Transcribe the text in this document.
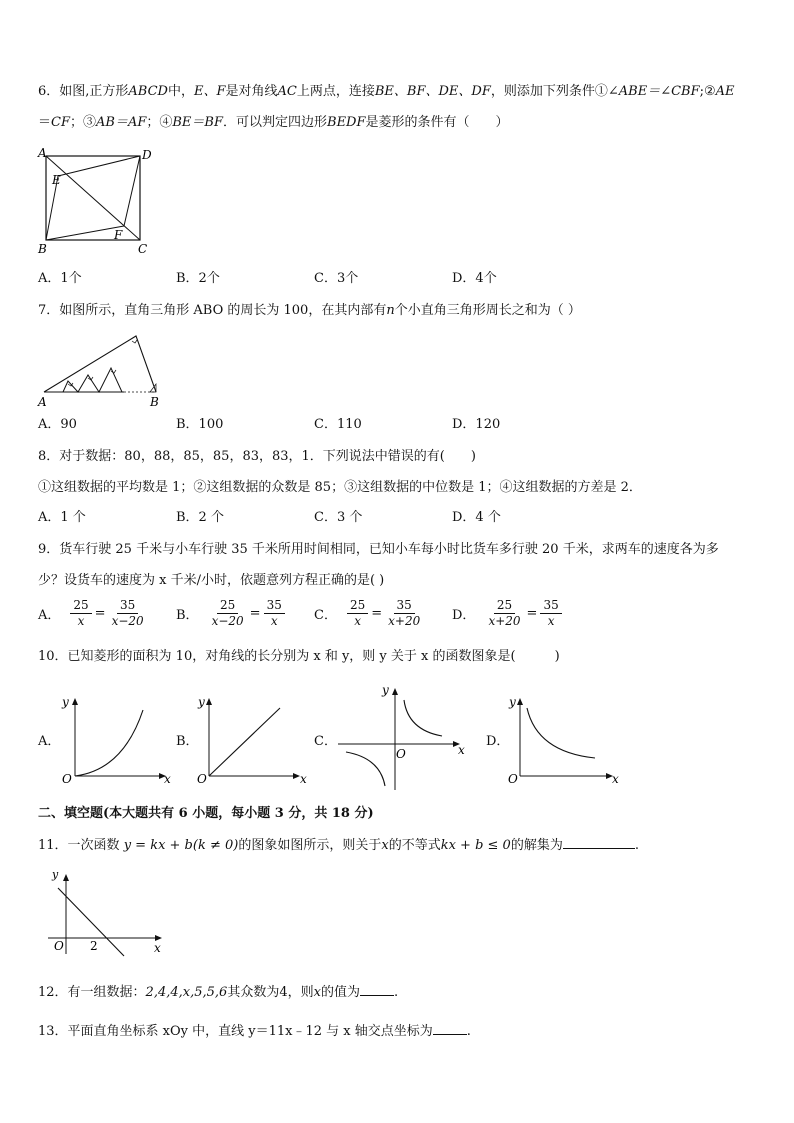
6．如图,正方形ABCD中，E、F是对角线AC上两点，连接BE、BF、DE、DF，则添加下列条件①∠ABE＝∠CBF;②AE
＝CF；③AB＝AF；④BE＝BF．可以判定四边形BEDF是菱形的条件有（　　）
A	D
E
F
B	C
A．1个	B．2个	C．3个	D．4个
7．如图所示，直角三角形 ABO 的周长为 100，在其内部有n个小直角三角形周长之和为（ ）
A	B
A．90	B．100	C．110	D．120
8．对于数据：80，88，85，85，83，83，1．下列说法中错误的有(　　)
①这组数据的平均数是 1；②这组数据的众数是 85；③这组数据的中位数是 1；④这组数据的方差是 2．
A．1 个	B．2 个	C．3 个	D．4 个
9．货车行驶 25 千米与小车行驶 35 千米所用时间相同，已知小车每小时比货车多行驶 20 千米，求两车的速度各为多
少？设货车的速度为 x 千米/小时，依题意列方程正确的是( )
A． $\frac{25}{x} = \frac{35}{x-20}$ B． $\frac{25}{x-20} = \frac{35}{x}$ C． $\frac{25}{x} = \frac{35}{x+20}$ D． $\frac{25}{x+20} = \frac{35}{x}$
10．已知菱形的面积为 10，对角线的长分别为 x 和 y，则 y 关于 x 的函数图象是(　　　)
A．
y
O	x
B．
y
O	x
C．
y
O	x
D．
y
O	x
二、填空题(本大题共有 6 小题，每小题 3 分，共 18 分)
11．一次函数 y = kx + b(k ≠ 0)的图象如图所示，则关于x的不等式kx + b ≤ 0的解集为	.
y
O 2	x
12．有一组数据：2,4,4,x,5,5,6其众数为4，则x的值为	.
13．平面直角坐标系 xOy 中，直线 y＝11x﹣12 与 x 轴交点坐标为	.
